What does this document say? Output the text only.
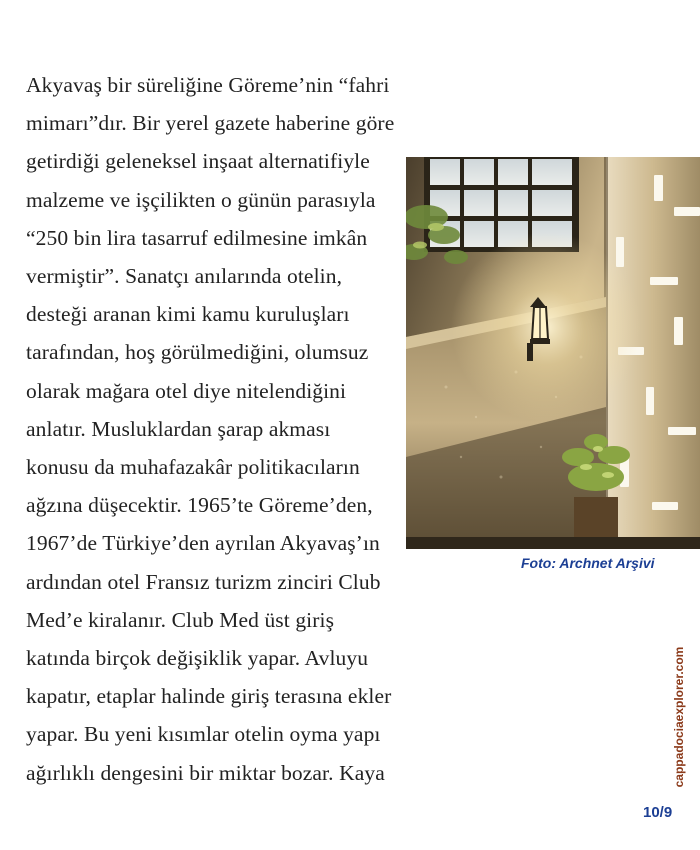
Akyavaş bir süreliğine Göreme’nin “fahri
mimarı”dır. Bir yerel gazete haberine göre
getirdiği geleneksel inşaat alternatifiyle
malzeme ve işçilikten o günün parasıyla
“250 bin lira tasarruf edilmesine imkân
vermiştir”. Sanatçı anılarında otelin,
desteği aranan kimi kamu kuruluşları
tarafından, hoş görülmediğini, olumsuz
olarak mağara otel diye nitelendiğini
anlatır. Musluklardan şarap akması
konusu da muhafazakâr politikacıların
ağzına düşecektir. 1965’te Göreme’den,
1967’de Türkiye’den ayrılan Akyavaş’ın
ardından otel Fransız turizm zinciri Club
Med’e kiralanır. Club Med üst giriş
katında birçok değişiklik yapar. Avluyu
kapatır, etaplar halinde giriş terasına ekler
yapar. Bu yeni kısımlar otelin oyma yapı
ağırlıklı dengesini bir miktar bozar. Kaya

Foto: Archnet Arşivi
cappadociaexplorer.com
10/9
